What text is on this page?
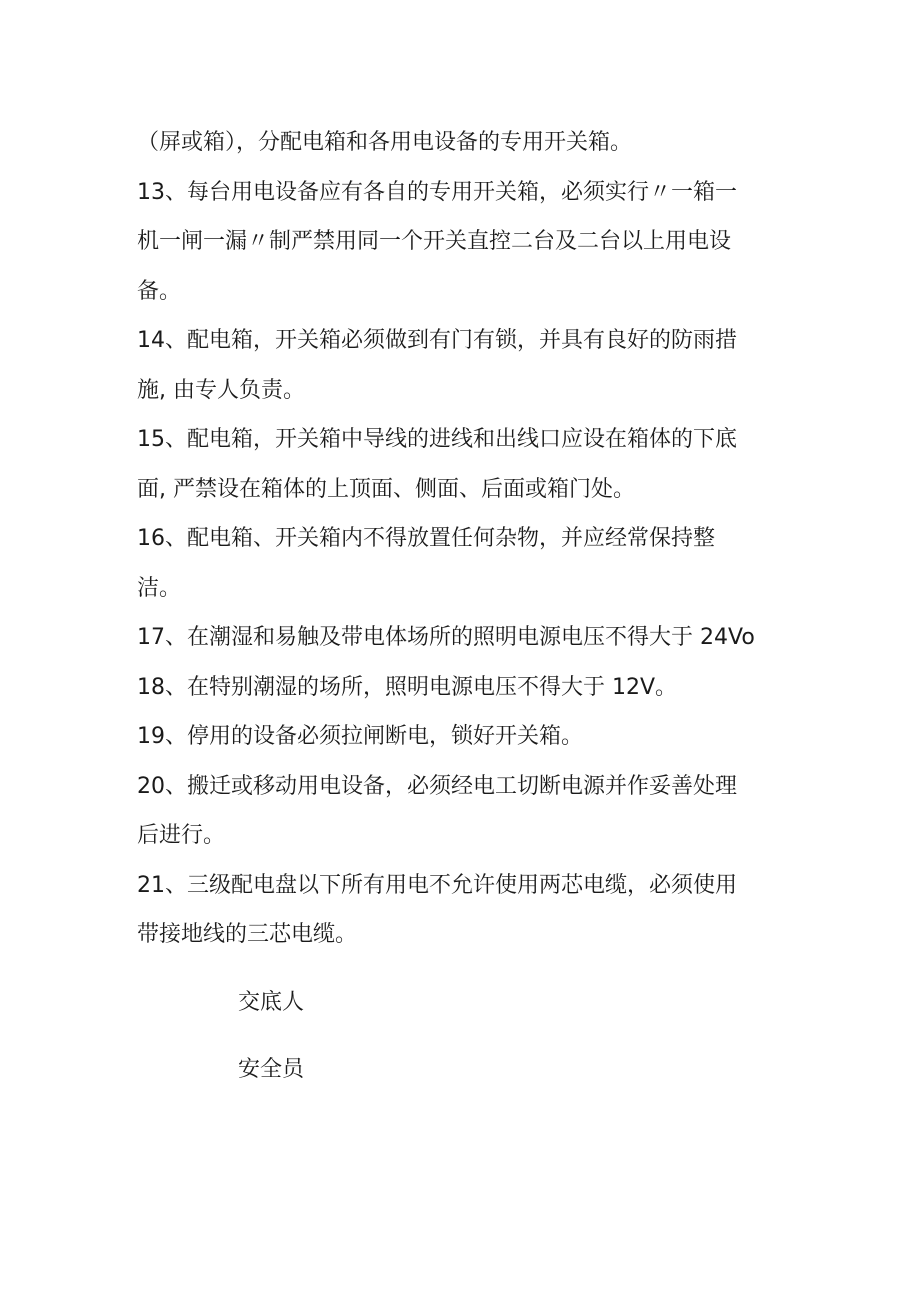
（屏或箱），分配电箱和各用电设备的专用开关箱。

13、每台用电设备应有各自的专用开关箱，必须实行〃一箱一
机一闸一漏〃制严禁用同一个开关直控二台及二台以上用电设
备。

14、配电箱，开关箱必须做到有门有锁，并具有良好的防雨措
施, 由专人负责。

15、配电箱，开关箱中导线的进线和出线口应设在箱体的下底
面, 严禁设在箱体的上顶面、侧面、后面或箱门处。

16、配电箱、开关箱内不得放置任何杂物，并应经常保持整
洁。

17、在潮湿和易触及带电体场所的照明电源电压不得大于 24Vo

18、在特别潮湿的场所，照明电源电压不得大于 12V。

19、停用的设备必须拉闸断电，锁好开关箱。

20、搬迁或移动用电设备，必须经电工切断电源并作妥善处理
后进行。

21、三级配电盘以下所有用电不允许使用两芯电缆，必须使用
带接地线的三芯电缆。

交底人
安全员
